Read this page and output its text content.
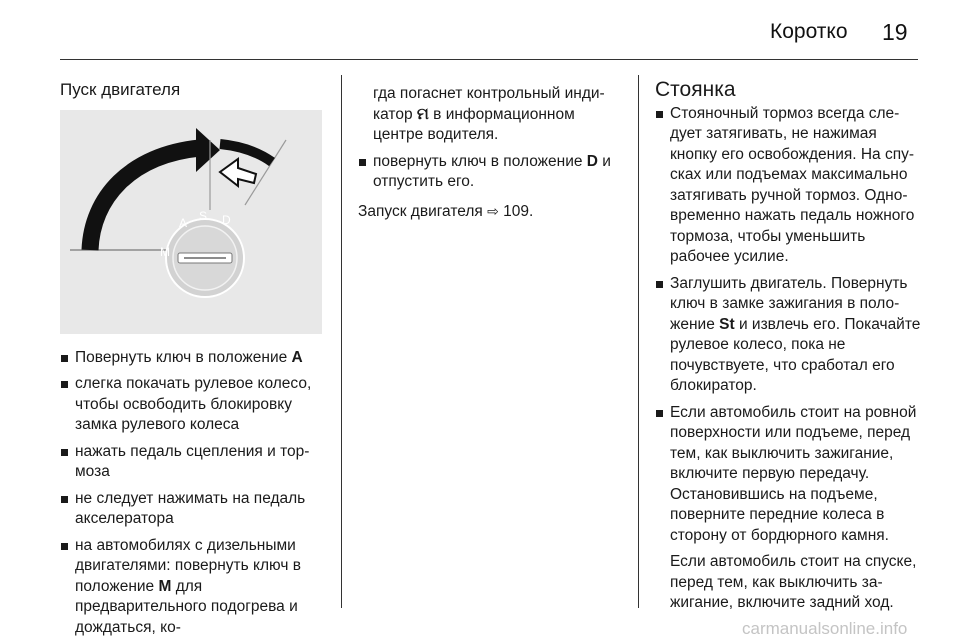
Коротко 19
Пуск двигателя
A S D
M
Повернуть ключ в положение A
слегка покачать рулевое колесо, чтобы освободить блокировку замка рулевого колеса
нажать педаль сцепления и тормоза
не следует нажимать на педаль акселератора
на автомобилях с дизельными двигателями: повернуть ключ в положение M для предварительного подогрева и дождаться, ко-
гда погаснет контрольный индикатор ମ в информационном центре водителя.
повернуть ключ в положение D и отпустить его.

Запуск двигателя ⇨ 109.

Стоянка
Стояночный тормоз всегда следует затягивать, не нажимая кнопку его освобождения. На спусках или подъемах максимально затягивать ручной тормоз. Одновременно нажать педаль ножного тормоза, чтобы уменьшить рабочее усилие.
Заглушить двигатель. Повернуть ключ в замке зажигания в положение St и извлечь его. Покачайте рулевое колесо, пока не почувствуете, что сработал его блокиратор.
Если автомобиль стоит на ровной поверхности или подъеме, перед тем, как выключить зажигание, включите первую передачу. Остановившись на подъеме, поверните передние колеса в сторону от бордюрного камня.

Если автомобиль стоит на спуске, перед тем, как выключить зажигание, включите задний ход.

carmanualsonline.info
